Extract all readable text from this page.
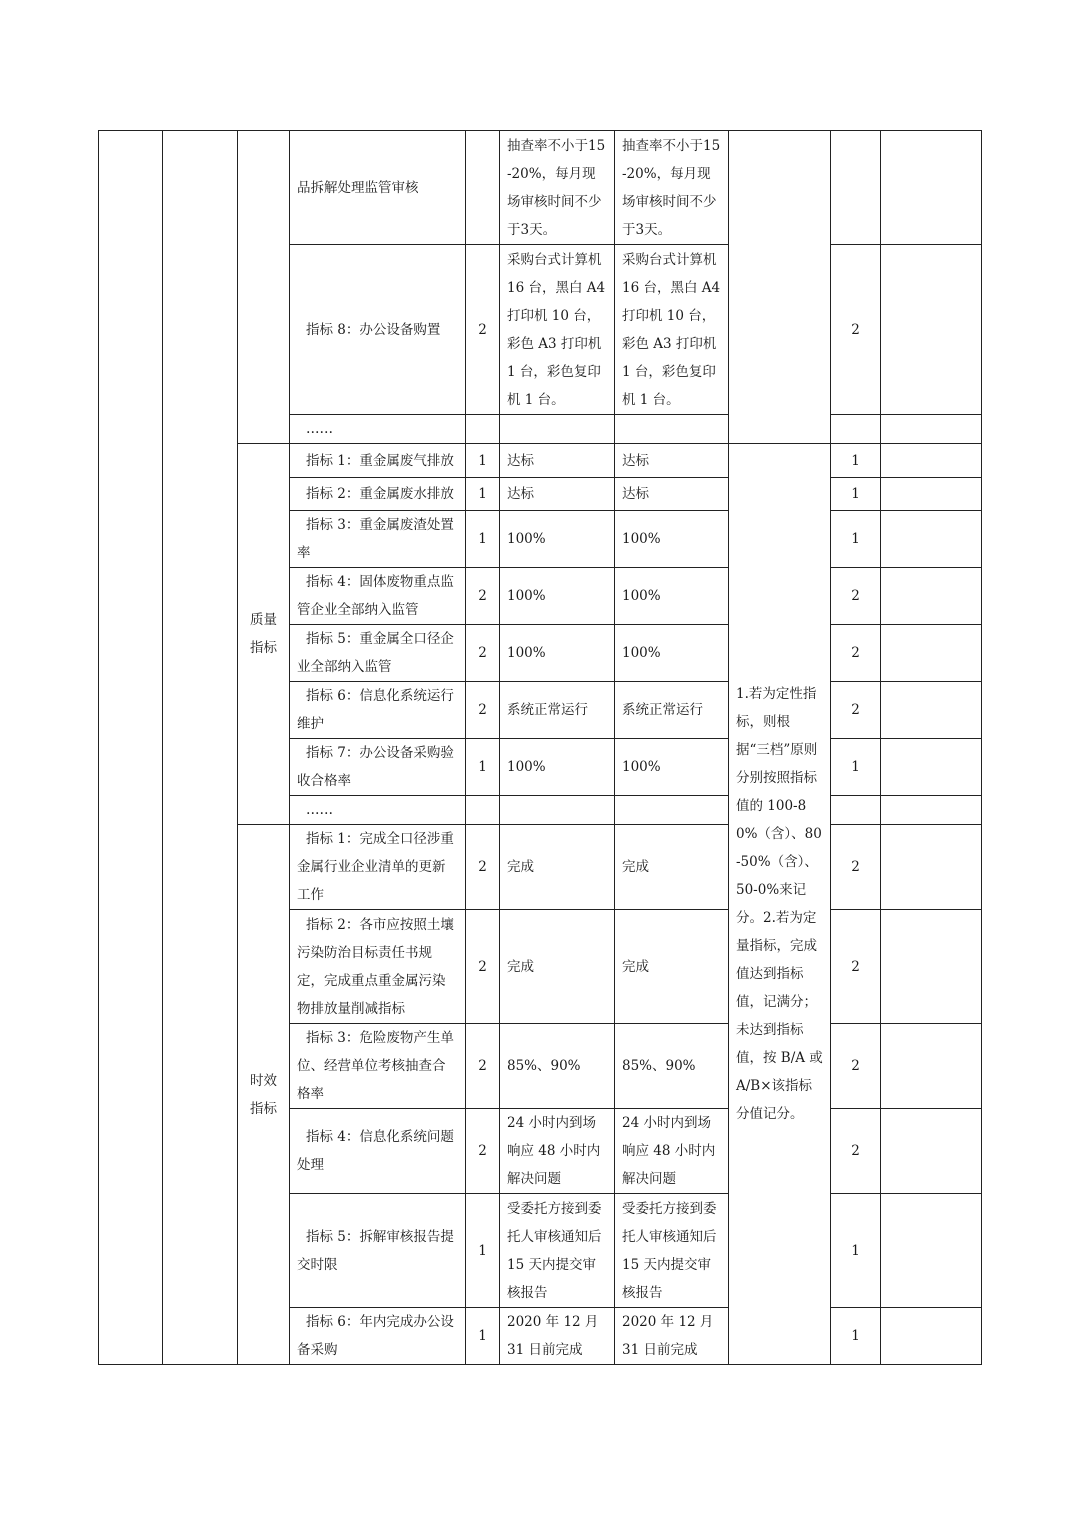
			品拆解处理监管审核		抽查率不小于15-20%，每月现场审核时间不少于3天。	抽查率不小于15-20%，每月现场审核时间不少于3天。			
			指标 8：办公设备购置	2	采购台式计算机 16 台，黑白 A4 打印机 10 台，彩色 A3 打印机 1 台，彩色复印机 1 台。	采购台式计算机 16 台，黑白 A4 打印机 10 台，彩色 A3 打印机 1 台，彩色复印机 1 台。		2	
			……						
		质量指标	指标 1：重金属废气排放	1	达标	达标	1.若为定性指标，则根据“三档”原则分别按照指标值的 100-80%（含）、80-50%（含）、50-0%来记分。2.若为定量指标，完成值达到指标值，记满分；未达到指标值，按 B/A 或 A/B×该指标分值记分。	1	
			指标 2：重金属废水排放	1	达标	达标		1	
			指标 3：重金属废渣处置率	1	100%	100%		1	
			指标 4：固体废物重点监管企业全部纳入监管	2	100%	100%		2	
			指标 5：重金属全口径企业全部纳入监管	2	100%	100%		2	
			指标 6：信息化系统运行维护	2	系统正常运行	系统正常运行		2	
			指标 7：办公设备采购验收合格率	1	100%	100%		1	
			……						
		时效指标	指标 1：完成全口径涉重金属行业企业清单的更新工作	2	完成	完成		2	
			指标 2：各市应按照土壤污染防治目标责任书规定，完成重点重金属污染物排放量削减指标	2	完成	完成		2	
			指标 3：危险废物产生单位、经营单位考核抽查合格率	2	85%、90%	85%、90%		2	
			指标 4：信息化系统问题处理	2	24 小时内到场响应 48 小时内解决问题	24 小时内到场响应 48 小时内解决问题		2	
			指标 5：拆解审核报告提交时限	1	受委托方接到委托人审核通知后 15 天内提交审核报告	受委托方接到委托人审核通知后 15 天内提交审核报告		1	
			指标 6：年内完成办公设备采购	1	2020 年 12 月 31 日前完成	2020 年 12 月 31 日前完成		1	
